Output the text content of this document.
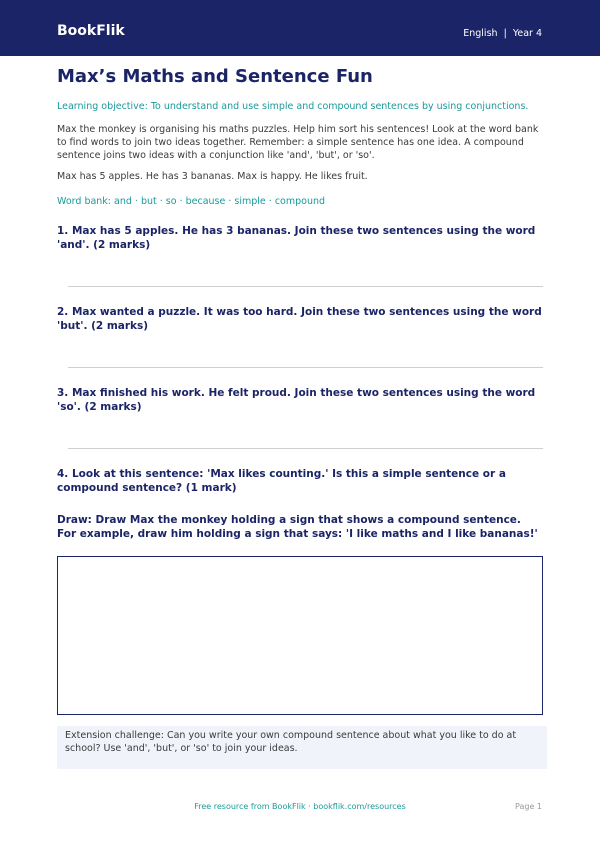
BookFlik	English  |  Year 4
Max’s Maths and Sentence Fun
Learning objective: To understand and use simple and compound sentences by using conjunctions.
Max the monkey is organising his maths puzzles. Help him sort his sentences! Look at the word bank to find words to join two ideas together. Remember: a simple sentence has one idea. A compound sentence joins two ideas with a conjunction like 'and', 'but', or 'so'.
Max has 5 apples. He has 3 bananas. Max is happy. He likes fruit.
Word bank: and · but · so · because · simple · compound
1. Max has 5 apples. He has 3 bananas. Join these two sentences using the word 'and'. (2 marks)
2. Max wanted a puzzle. It was too hard. Join these two sentences using the word 'but'. (2 marks)
3. Max finished his work. He felt proud. Join these two sentences using the word 'so'. (2 marks)
4. Look at this sentence: 'Max likes counting.' Is this a simple sentence or a compound sentence? (1 mark)
Draw: Draw Max the monkey holding a sign that shows a compound sentence. For example, draw him holding a sign that says: 'I like maths and I like bananas!'
Extension challenge: Can you write your own compound sentence about what you like to do at school? Use 'and', 'but', or 'so' to join your ideas.
Free resource from BookFlik · bookflik.com/resources	Page 1
